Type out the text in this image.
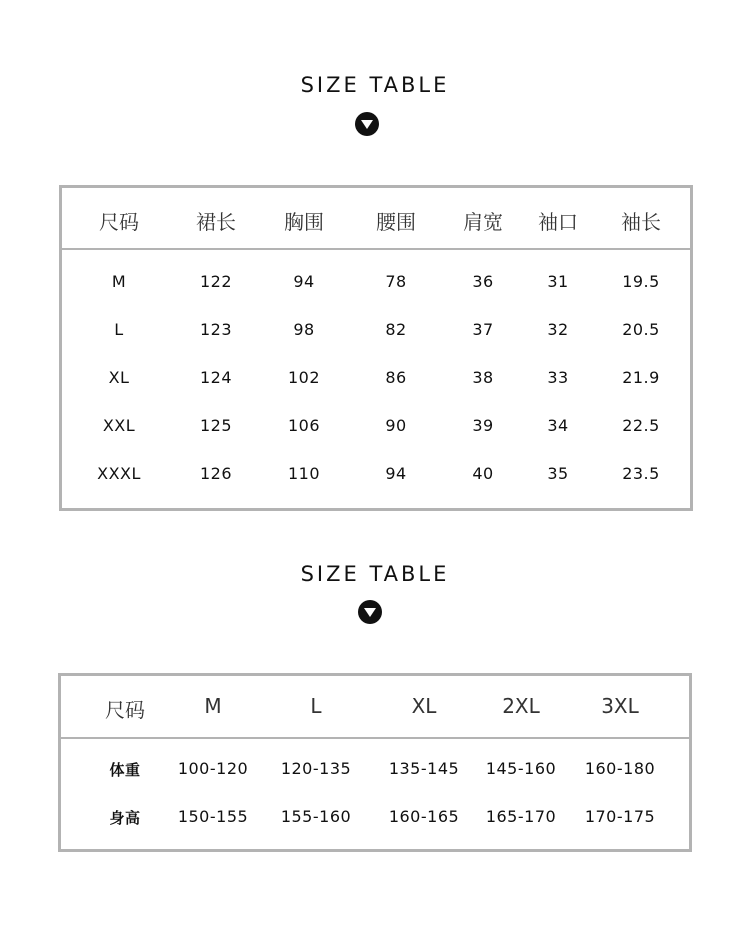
SIZE TABLE
尺码	裙长 胸围	腰围 肩宽 袖口 袖长
M	122	94	78	36	31	19.5
L	123	98	82	37	32	20.5
XL	124	102	86	38	33	21.9
XXL	125	106	90	39	34	22.5
XXXL	126	110	94	40	35	23.5
SIZE TABLE
尺码	M	L	XL	2XL	3XL
体重 100-120 120-135 135-145 145-160 160-180
身高 150-155 155-160 160-165 165-170 170-175
